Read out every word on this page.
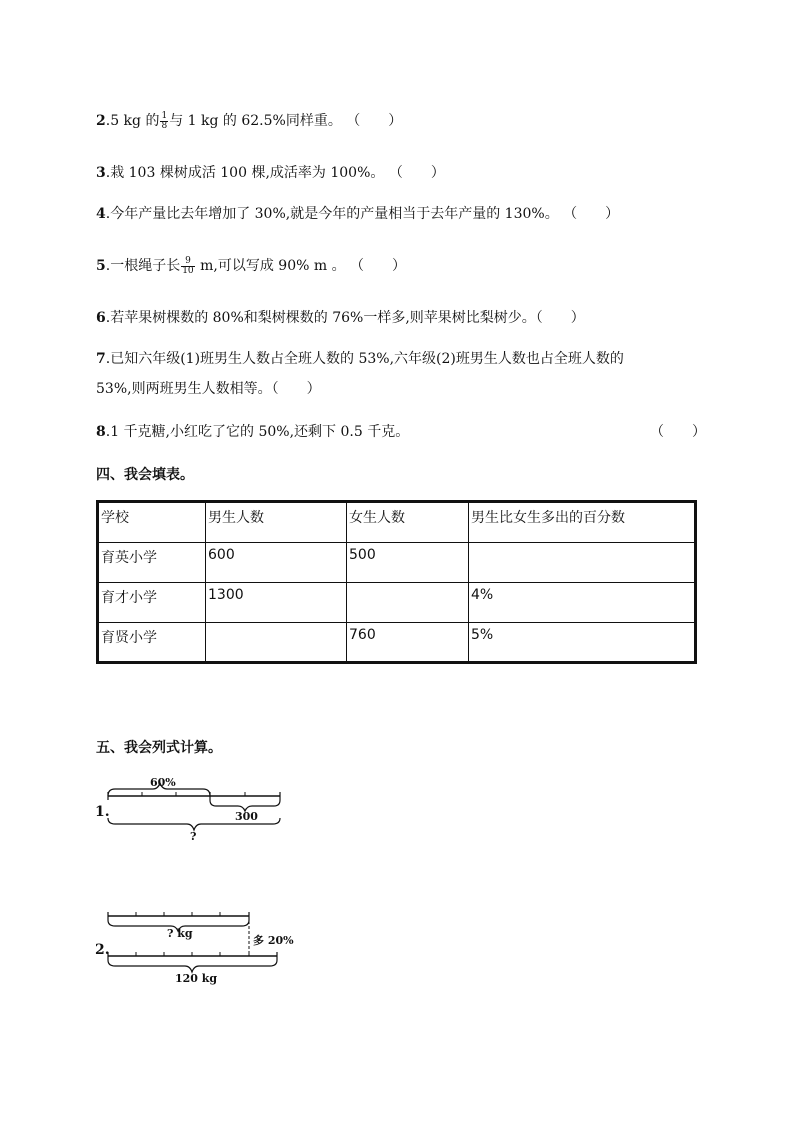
2.5 kg 的 $\frac{1}{8}$ 与 1 kg 的 62.5%同样重。 （　　）
3.栽 103 棵树成活 100 棵,成活率为 100%。 （　　）
4.今年产量比去年增加了 30%,就是今年的产量相当于去年产量的 130%。 （　　）
5.一根绳子长 $\frac{9}{10} m$,可以写成 90% m 。 （　　）
6.若苹果树棵数的 80%和梨树棵数的 76%一样多,则苹果树比梨树少。（　　）
7.已知六年级(1)班男生人数占全班人数的 53%,六年级(2)班男生人数也占全班人数的
53%,则两班男生人数相等。（　　）
8.1 千克糖,小红吃了它的 50%,还剩下 0.5 千克。	（　　）
四、我会填表。
学校	男生人数	女生人数	男生比女生多出的百分数
育英小学	600	500	
育才小学	1300		4%
育贤小学		760	5%
五、我会列式计算。
60%
300
?
1.
? kg
多 20%
120 kg
2.
